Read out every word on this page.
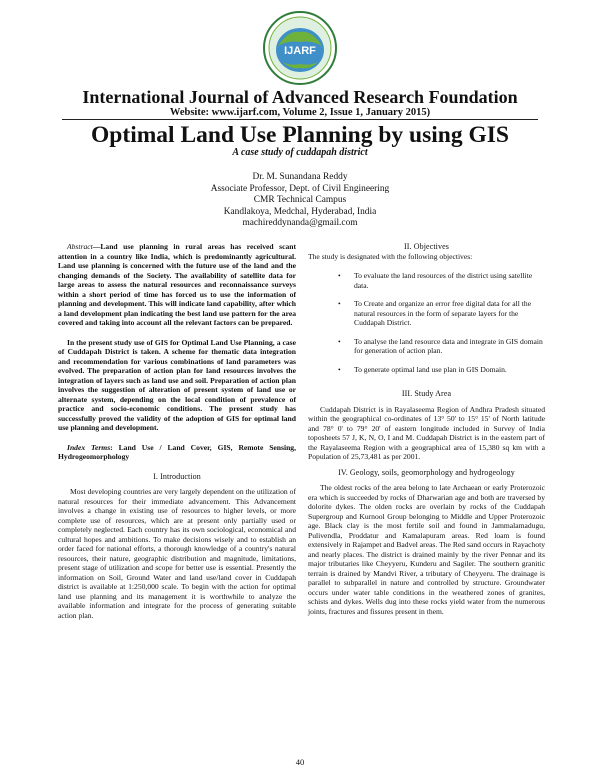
IJARF
International Journal of Advanced Research Foundation
Website: www.ijarf.com, Volume 2, Issue 1, January 2015)
Optimal Land Use Planning by using GIS
A case study of cuddapah district
Dr. M. Sunandana Reddy
Associate Professor, Dept. of Civil Engineering
CMR Technical Campus
Kandlakoya, Medchal, Hyderabad, India
machireddynanda@gmail.com

Abstract—Land use planning in rural areas has received scant attention in a country like India, which is predominantly agricultural. Land use planning is concerned with the future use of the land and the changing demands of the Society. The availability of satellite data for large areas to assess the natural resources and reconnaissance surveys within a short period of time has forced us to use the information of planning and development. This will indicate land capability, after which a land development plan indicating the best land use pattern for the area covered and taking into account all the relevant factors can be prepared.

In the present study use of GIS for Optimal Land Use Planning, a case of Cuddapah District is taken. A scheme for thematic data integration and recommendation for various combinations of land parameters was evolved. The preparation of action plan for land resources involves the integration of layers such as land use and soil. Preparation of action plan involves the suggestion of alteration of present system of land use or alternate system, depending on the local condition of prevalence of practice and socio-economic conditions. The present study has successfully proved the validity of the adoption of GIS for optimal land use planning and development.

Index Terms: Land Use / Land Cover, GIS, Remote Sensing, Hydrogeomorphology

I. Introduction

Most developing countries are very largely dependent on the utilization of natural resources for their immediate advancement. This Advancement involves a change in existing use of resources to higher levels, or more complete use of resources, which are at present only partially used or completely neglected. Each country has its own sociological, economical and cultural hopes and ambitions. To make decisions wisely and to establish an order faced for national efforts, a thorough knowledge of a country's natural resources, their nature, geographic distribution and magnitude, limitations, present stage of utilization and scope for better use is essential. Presently the information on Soil, Ground Water and land use/land cover in Cuddapah district is available at 1:250,000 scale. To begin with the action for optimal land use planning and its management it is worthwhile to analyze the available information and integrate for the process of generating suitable action plan.

II. Objectives

The study is designated with the following objectives:

• To evaluate the land resources of the district using satellite data.
• To Create and organize an error free digital data for all the natural resources in the form of separate layers for the Cuddapah District.
• To analyse the land resource data and integrate in GIS domain for generation of action plan.
• To generate optimal land use plan in GIS Domain.

III. Study Area

Cuddapah District is in Rayalaseema Region of Andhra Pradesh situated within the geographical co-ordinates of 13° 50' to 15° 15' of North latitude and 78° 0' to 79° 20' of eastern longitude included in Survey of India toposheets 57 J, K, N, O, I and M. Cuddapah District is in the eastern part of the Rayalaseema Region with a geographical area of 15,380 sq km with a Population of 25,73,481 as per 2001.

IV. Geology, soils, geomorphology and hydrogeology

The oldest rocks of the area belong to late Archaean or early Proterozoic era which is succeeded by rocks of Dharwarian age and both are traversed by dolorite dykes. The olden rocks are overlain by rocks of the Cuddapah Supergroup and Kurnool Group belonging to Middle and Upper Proterozoic age. Black clay is the most fertile soil and found in Jammalamadugu, Pulivendla, Proddatur and Kamalapuram areas. Red loam is found extensively in Rajampet and Badvel areas. The Red sand occurs in Rayachoty and nearly places. The district is drained mainly by the river Pennar and its major tributaries like Cheyyeru, Kunderu and Sagiler. The southern granitic terrain is drained by Mandvi River, a tributary of Cheyyeru. The drainage is parallel to subparallel in nature and controlled by structure. Groundwater occurs under water table conditions in the weathered zones of granites, schists and dykes. Wells dug into these rocks yield water from the numerous joints, fractures and fissures present in them.

40
